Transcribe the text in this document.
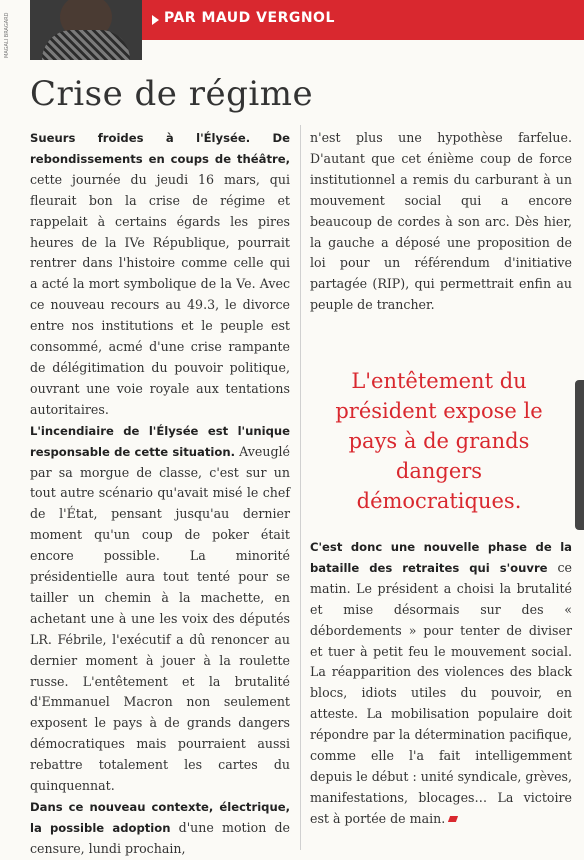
MAGALI BRAGARD	PAR MAUD VERGNOL
Crise de régime

Sueurs froides à l'Élysée. De rebondissements en coups de théâtre, cette journée du jeudi 16 mars, qui fleurait bon la crise de régime et rappelait à certains égards les pires heures de la IVe République, pourrait rentrer dans l'histoire comme celle qui a acté la mort symbolique de la Ve. Avec ce nouveau recours au 49.3, le divorce entre nos institutions et le peuple est consommé, acmé d'une crise rampante de délégitimation du pouvoir politique, ouvrant une voie royale aux tentations autoritaires.

L'incendiaire de l'Élysée est l'unique responsable de cette situation. Aveuglé par sa morgue de classe, c'est sur un tout autre scénario qu'avait misé le chef de l'État, pensant jusqu'au dernier moment qu'un coup de poker était encore possible. La minorité présidentielle aura tout tenté pour se tailler un chemin à la machette, en achetant une à une les voix des députés LR. Fébrile, l'exécutif a dû renoncer au dernier moment à jouer à la roulette russe. L'entêtement et la brutalité d'Emmanuel Macron non seulement exposent le pays à de grands dangers démocratiques mais pourraient aussi rebattre totalement les cartes du quinquennat.

Dans ce nouveau contexte, électrique, la possible adoption d'une motion de censure, lundi prochain,

n'est plus une hypothèse farfelue. D'autant que cet énième coup de force institutionnel a remis du carburant à un mouvement social qui a encore beaucoup de cordes à son arc. Dès hier, la gauche a déposé une proposition de loi pour un référendum d'initiative partagée (RIP), qui permettrait enfin au peuple de trancher.

L'entêtement du président expose le pays à de grands dangers démocratiques.

C'est donc une nouvelle phase de la bataille des retraites qui s'ouvre ce matin. Le président a choisi la brutalité et mise désormais sur des « débordements » pour tenter de diviser et tuer à petit feu le mouvement social. La réapparition des violences des black blocs, idiots utiles du pouvoir, en atteste. La mobilisation populaire doit répondre par la détermination pacifique, comme elle l'a fait intelligemment depuis le début : unité syndicale, grèves, manifestations, blocages… La victoire est à portée de main.
